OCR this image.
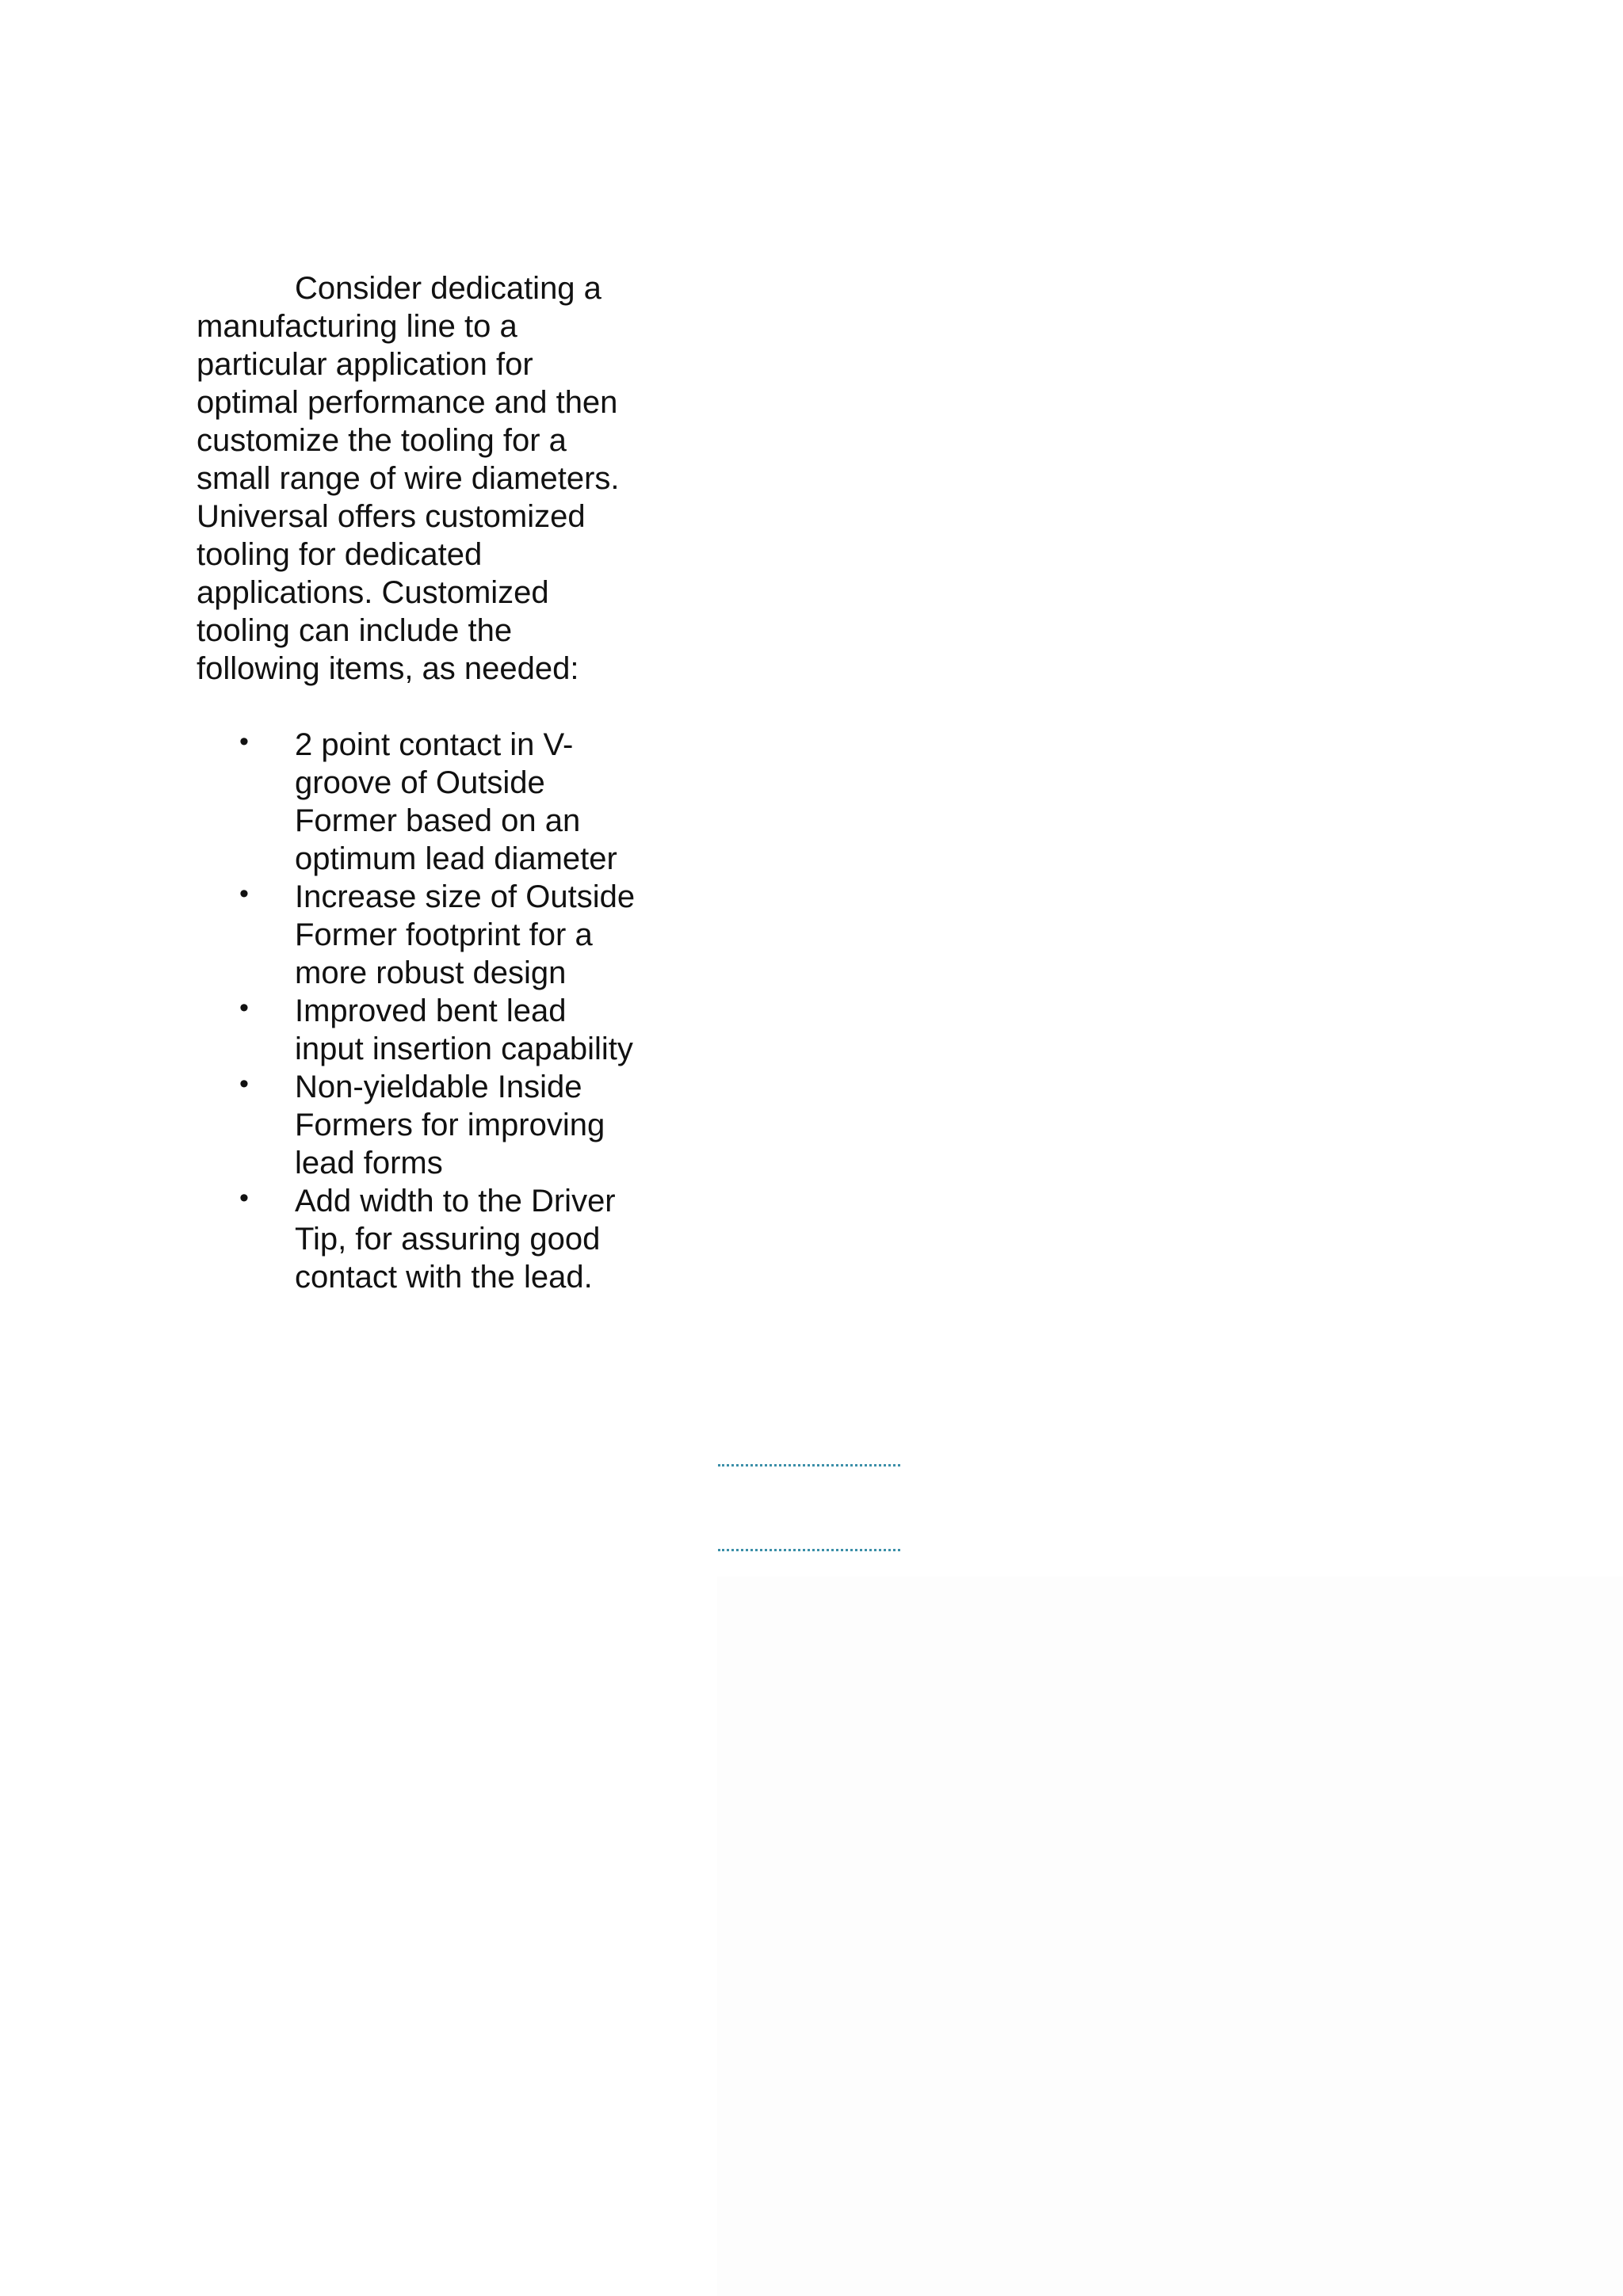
Consider dedicating a manufacturing line to a particular application for optimal performance and then customize the tooling for a small range of wire diameters. Universal offers customized tooling for dedicated applications. Customized tooling can include the following items, as needed:

• 2 point contact in V-groove of Outside Former based on an optimum lead diameter
• Increase size of Outside Former footprint for a more robust design
• Improved bent lead input insertion capability
• Non-yieldable Inside Formers for improving lead forms
• Add width to the Driver Tip, for assuring good contact with the lead.
